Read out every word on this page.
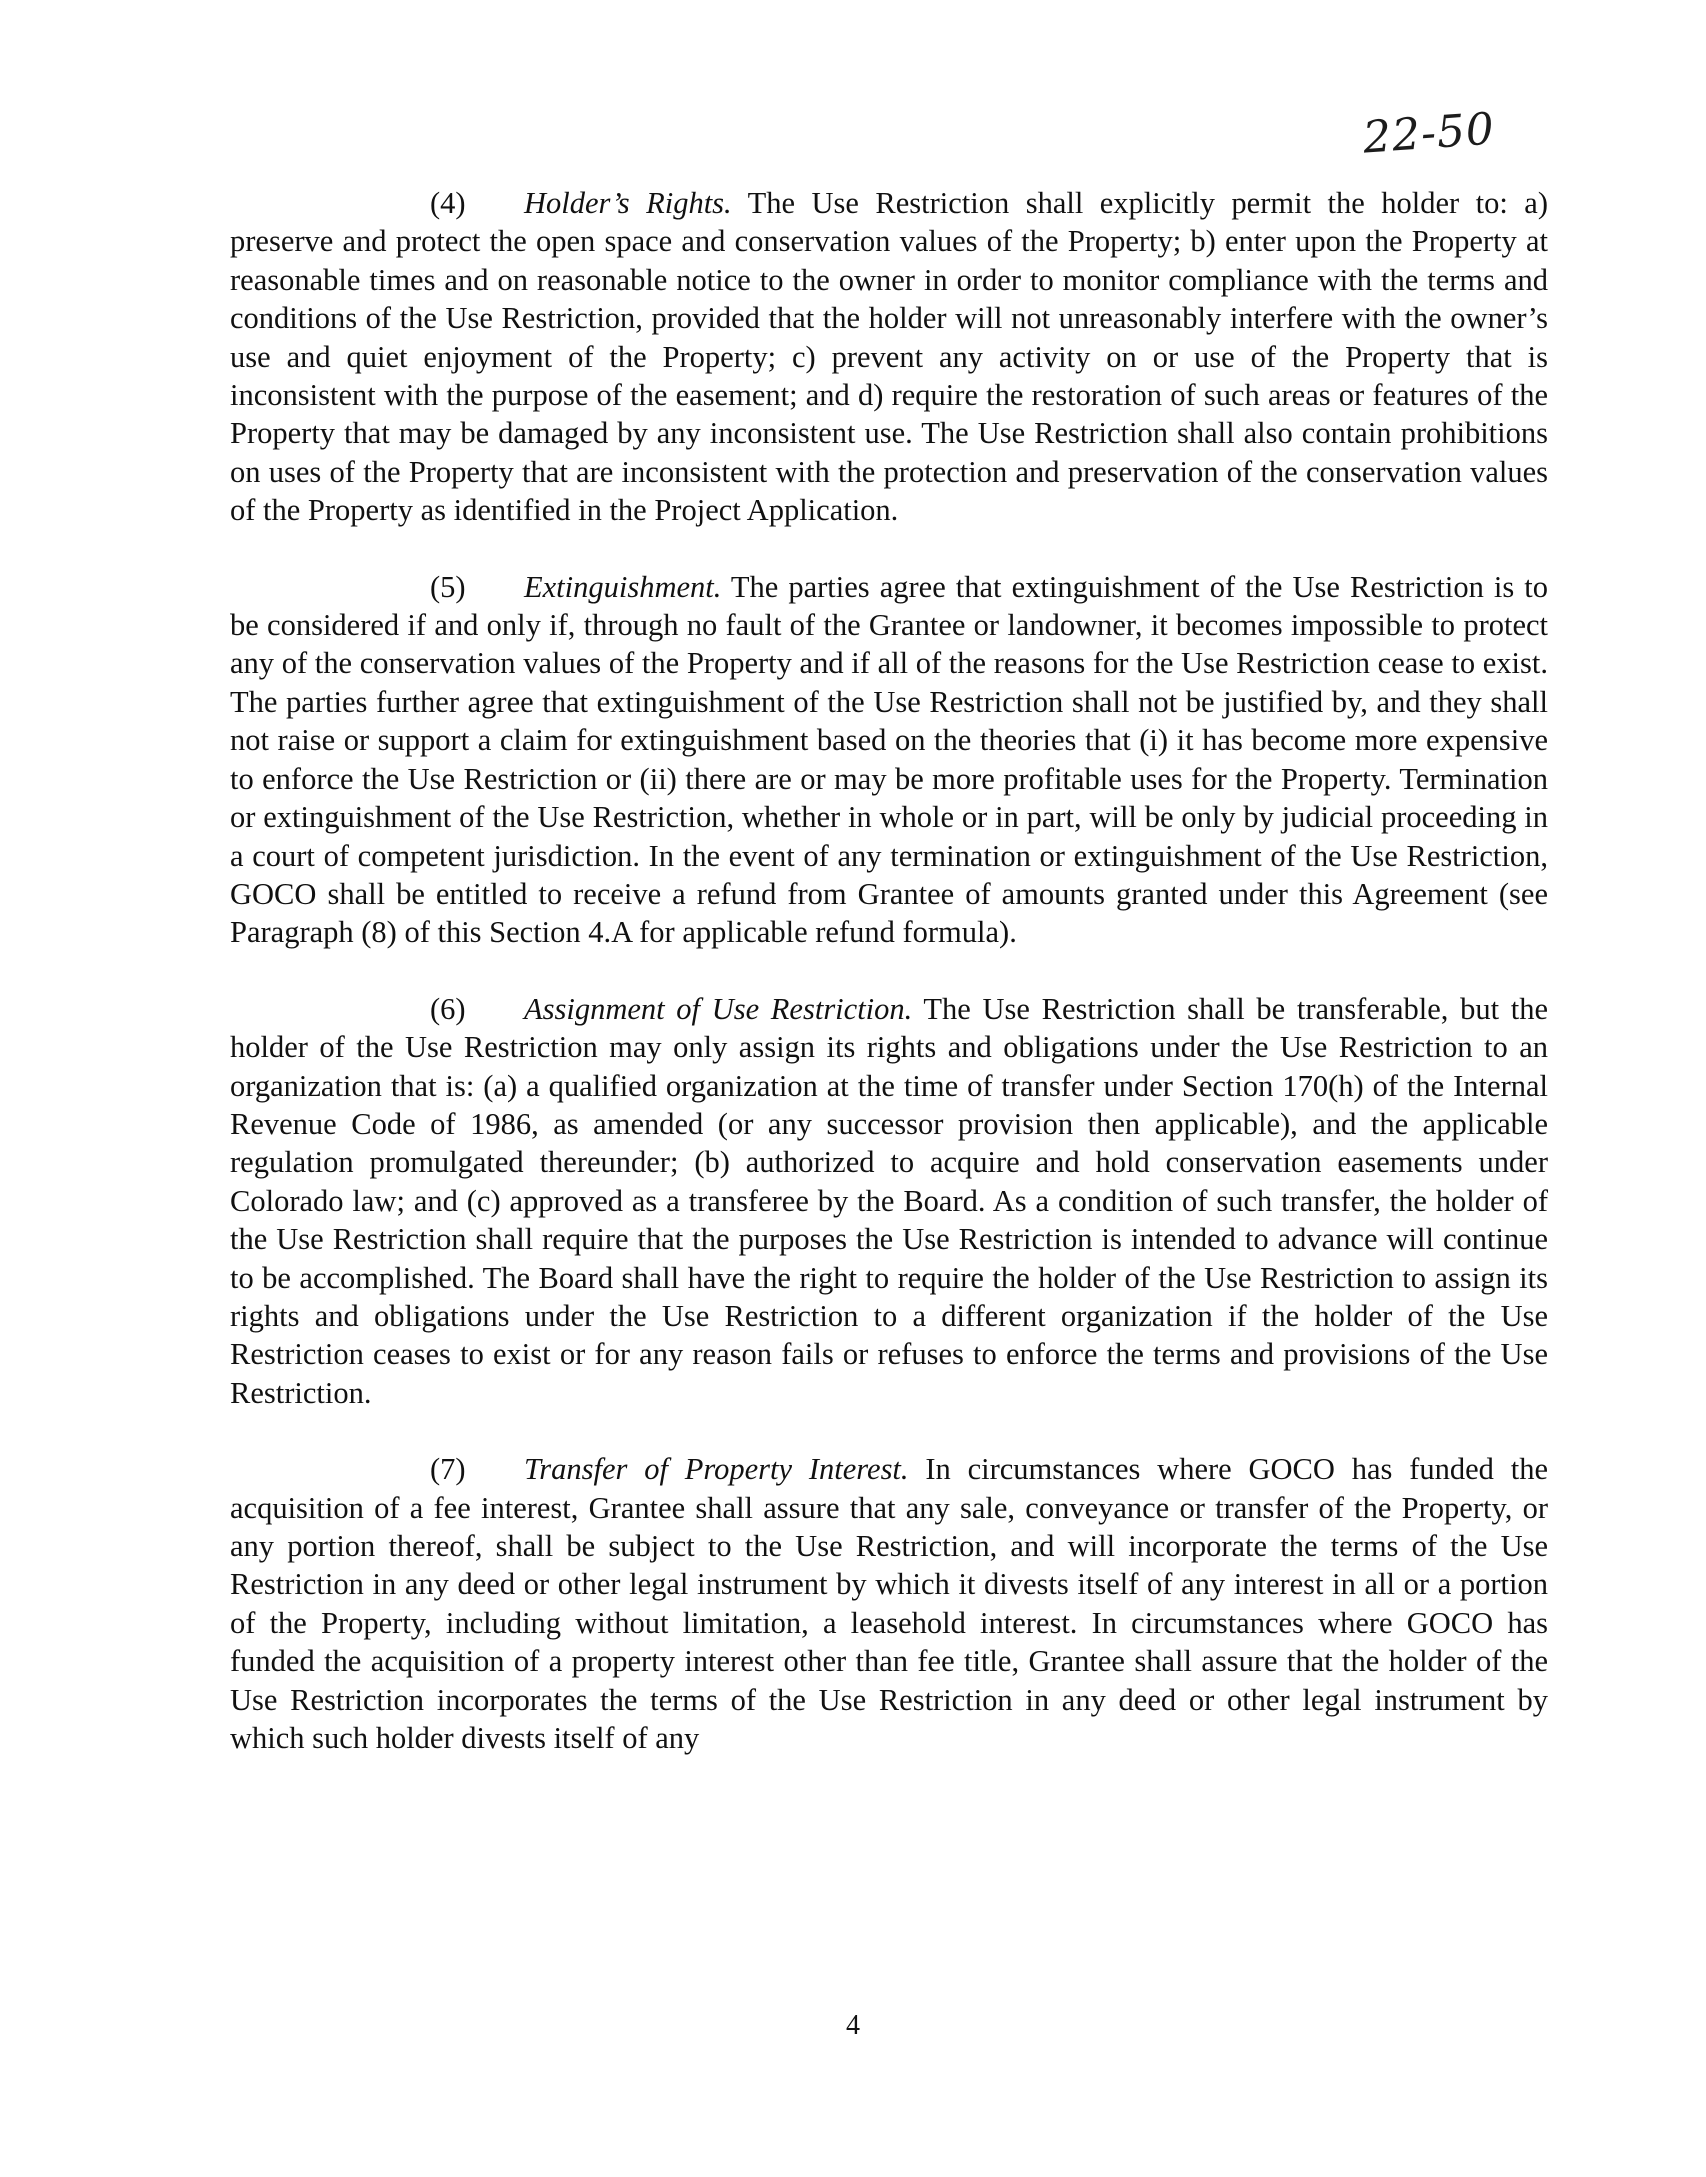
22-50

(4) Holder’s Rights. The Use Restriction shall explicitly permit the holder to: a) preserve and protect the open space and conservation values of the Property; b) enter upon the Property at reasonable times and on reasonable notice to the owner in order to monitor compliance with the terms and conditions of the Use Restriction, provided that the holder will not unreasonably interfere with the owner’s use and quiet enjoyment of the Property; c) prevent any activity on or use of the Property that is inconsistent with the purpose of the easement; and d) require the restoration of such areas or features of the Property that may be damaged by any inconsistent use. The Use Restriction shall also contain prohibitions on uses of the Property that are inconsistent with the protection and preservation of the conservation values of the Property as identified in the Project Application.

(5) Extinguishment. The parties agree that extinguishment of the Use Restriction is to be considered if and only if, through no fault of the Grantee or landowner, it becomes impossible to protect any of the conservation values of the Property and if all of the reasons for the Use Restriction cease to exist. The parties further agree that extinguishment of the Use Restriction shall not be justified by, and they shall not raise or support a claim for extinguishment based on the theories that (i) it has become more expensive to enforce the Use Restriction or (ii) there are or may be more profitable uses for the Property. Termination or extinguishment of the Use Restriction, whether in whole or in part, will be only by judicial proceeding in a court of competent jurisdiction. In the event of any termination or extinguishment of the Use Restriction, GOCO shall be entitled to receive a refund from Grantee of amounts granted under this Agreement (see Paragraph (8) of this Section 4.A for applicable refund formula).

(6) Assignment of Use Restriction. The Use Restriction shall be transferable, but the holder of the Use Restriction may only assign its rights and obligations under the Use Restriction to an organization that is: (a) a qualified organization at the time of transfer under Section 170(h) of the Internal Revenue Code of 1986, as amended (or any successor provision then applicable), and the applicable regulation promulgated thereunder; (b) authorized to acquire and hold conservation easements under Colorado law; and (c) approved as a transferee by the Board. As a condition of such transfer, the holder of the Use Restriction shall require that the purposes the Use Restriction is intended to advance will continue to be accomplished. The Board shall have the right to require the holder of the Use Restriction to assign its rights and obligations under the Use Restriction to a different organization if the holder of the Use Restriction ceases to exist or for any reason fails or refuses to enforce the terms and provisions of the Use Restriction.

(7) Transfer of Property Interest. In circumstances where GOCO has funded the acquisition of a fee interest, Grantee shall assure that any sale, conveyance or transfer of the Property, or any portion thereof, shall be subject to the Use Restriction, and will incorporate the terms of the Use Restriction in any deed or other legal instrument by which it divests itself of any interest in all or a portion of the Property, including without limitation, a leasehold interest. In circumstances where GOCO has funded the acquisition of a property interest other than fee title, Grantee shall assure that the holder of the Use Restriction incorporates the terms of the Use Restriction in any deed or other legal instrument by which such holder divests itself of any

4
